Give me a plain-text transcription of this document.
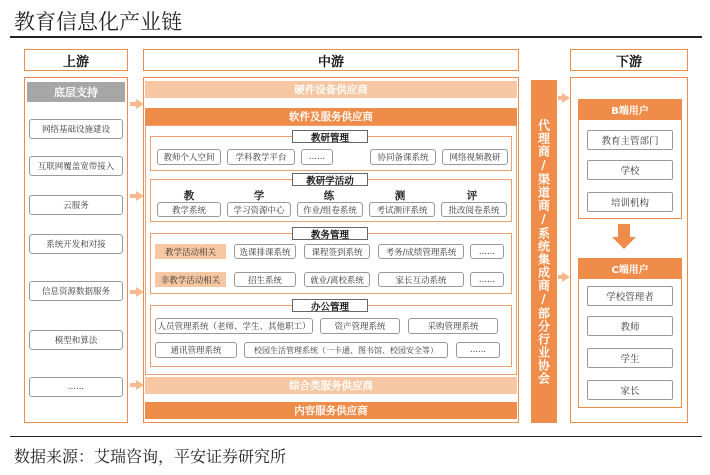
教育信息化产业链
上游	中游	下游
底层支持
网络基础设施建设
互联网覆盖宽带接入
云服务
系统开发和对接
信息资源数据服务
模型和算法
......
硬件设备供应商
软件及服务供应商
教研管理
教师个人空间	学科教学平台	......	协同备课系统	网络视频教研
教研学活动
教	学	练	测	评
教学系统	学习资源中心	作业/组卷系统	考试测评系统	批改阅卷系统
教务管理
教学活动相关	选课排课系统	课程签到系统	考务/成绩管理系统	......
非教学活动相关	招生系统	就业/离校系统	家长互动系统	......
办公管理
人员管理系统（老师、学生、其他职工）	资产管理系统	采购管理系统
通讯管理系统	校园生活管理系统（一卡通、图书馆、校园安全等）	......
综合类服务供应商
内容服务供应商
代理商/渠道商/系统集成商/部分行业协会
B端用户
教育主管部门
学校
培训机构
C端用户
学校管理者
教师
学生
家长
数据来源：艾瑞咨询，平安证券研究所
